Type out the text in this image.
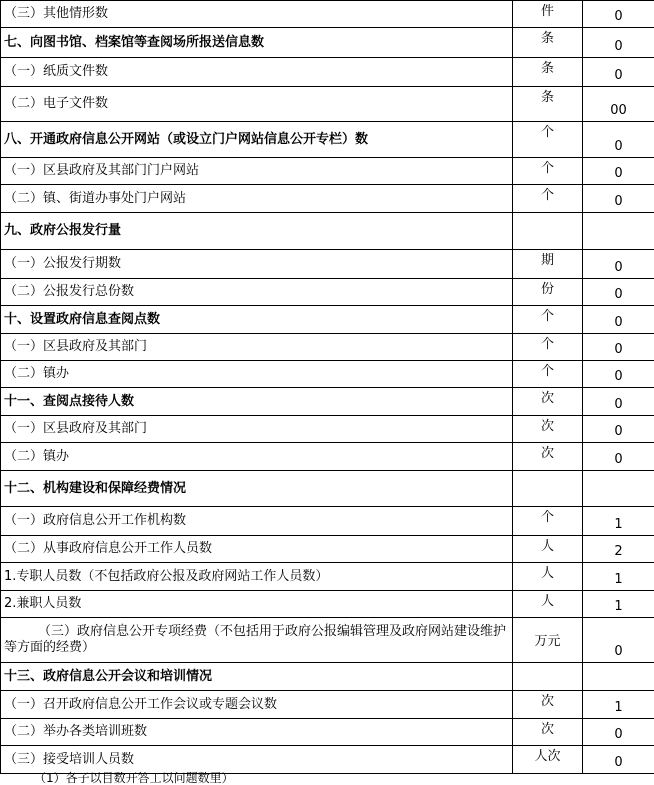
（三）其他情形数	件	0
七、向图书馆、档案馆等查阅场所报送信息数	条	0
（一）纸质文件数	条	0
（二）电子文件数	条	00
八、开通政府信息公开网站（或设立门户网站信息公开专栏）数	个	0
（一）区县政府及其部门门户网站	个	0
（二）镇、街道办事处门户网站	个	0
九、政府公报发行量		
（一）公报发行期数	期	0
（二）公报发行总份数	份	0
十、设置政府信息查阅点数	个	0
（一）区县政府及其部门	个	0
（二）镇办	个	0
十一、查阅点接待人数	次	0
（一）区县政府及其部门	次	0
（二）镇办	次	0
十二、机构建设和保障经费情况		
（一）政府信息公开工作机构数	个	1
（二）从事政府信息公开工作人员数	人	2
1.专职人员数（不包括政府公报及政府网站工作人员数）	人	1
2.兼职人员数	人	1
（三）政府信息公开专项经费（不包括用于政府公报编辑管理及政府网站建设维护等方面的经费）	万元	0
十三、政府信息公开会议和培训情况		
（一）召开政府信息公开工作会议或专题会议数	次	1
（二）举办各类培训班数	次	0
（三）接受培训人员数	人次	0
（1）各子以目数开答工以问题数里）
